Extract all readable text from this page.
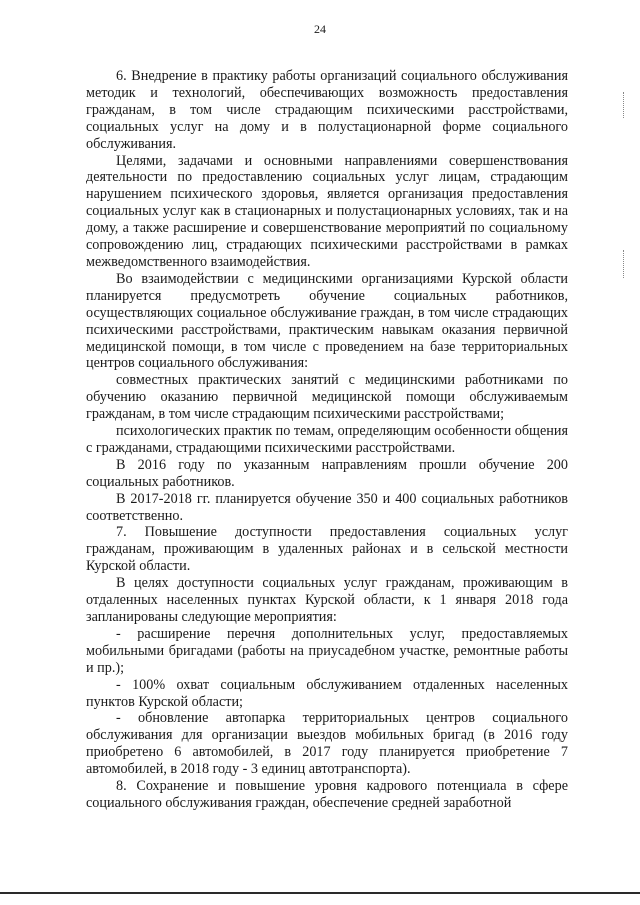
24

6. Внедрение в практику работы организаций социального обслуживания методик и технологий, обеспечивающих возможность предоставления гражданам, в том числе страдающим психическими расстройствами, социальных услуг на дому и в полустационарной форме социального обслуживания.

Целями, задачами и основными направлениями совершенствования деятельности по предоставлению социальных услуг лицам, страдающим нарушением психического здоровья, является организация предоставления социальных услуг как в стационарных и полустационарных условиях, так и на дому, а также расширение и совершенствование мероприятий по социальному сопровождению лиц, страдающих психическими расстройствами в рамках межведомственного взаимодействия.

Во взаимодействии с медицинскими организациями Курской области планируется предусмотреть обучение социальных работников, осуществляющих социальное обслуживание граждан, в том числе страдающих психическими расстройствами, практическим навыкам оказания первичной медицинской помощи, в том числе с проведением на базе территориальных центров социального обслуживания:

совместных практических занятий с медицинскими работниками по обучению оказанию первичной медицинской помощи обслуживаемым гражданам, в том числе страдающим психическими расстройствами;

психологических практик по темам, определяющим особенности общения с гражданами, страдающими психическими расстройствами.

В 2016 году по указанным направлениям прошли обучение 200 социальных работников.

В 2017-2018 гг. планируется обучение 350 и 400 социальных работников соответственно.

7. Повышение доступности предоставления социальных услуг гражданам, проживающим в удаленных районах и в сельской местности Курской области.

В целях доступности социальных услуг гражданам, проживающим в отдаленных населенных пунктах Курской области, к 1 января 2018 года запланированы следующие мероприятия:

- расширение перечня дополнительных услуг, предоставляемых мобильными бригадами (работы на приусадебном участке, ремонтные работы и пр.);

- 100% охват социальным обслуживанием отдаленных населенных пунктов Курской области;

- обновление автопарка территориальных центров социального обслуживания для организации выездов мобильных бригад (в 2016 году приобретено 6 автомобилей, в 2017 году планируется приобретение 7 автомобилей, в 2018 году - 3 единиц автотранспорта).

8. Сохранение и повышение уровня кадрового потенциала в сфере социального обслуживания граждан, обеспечение средней заработной
